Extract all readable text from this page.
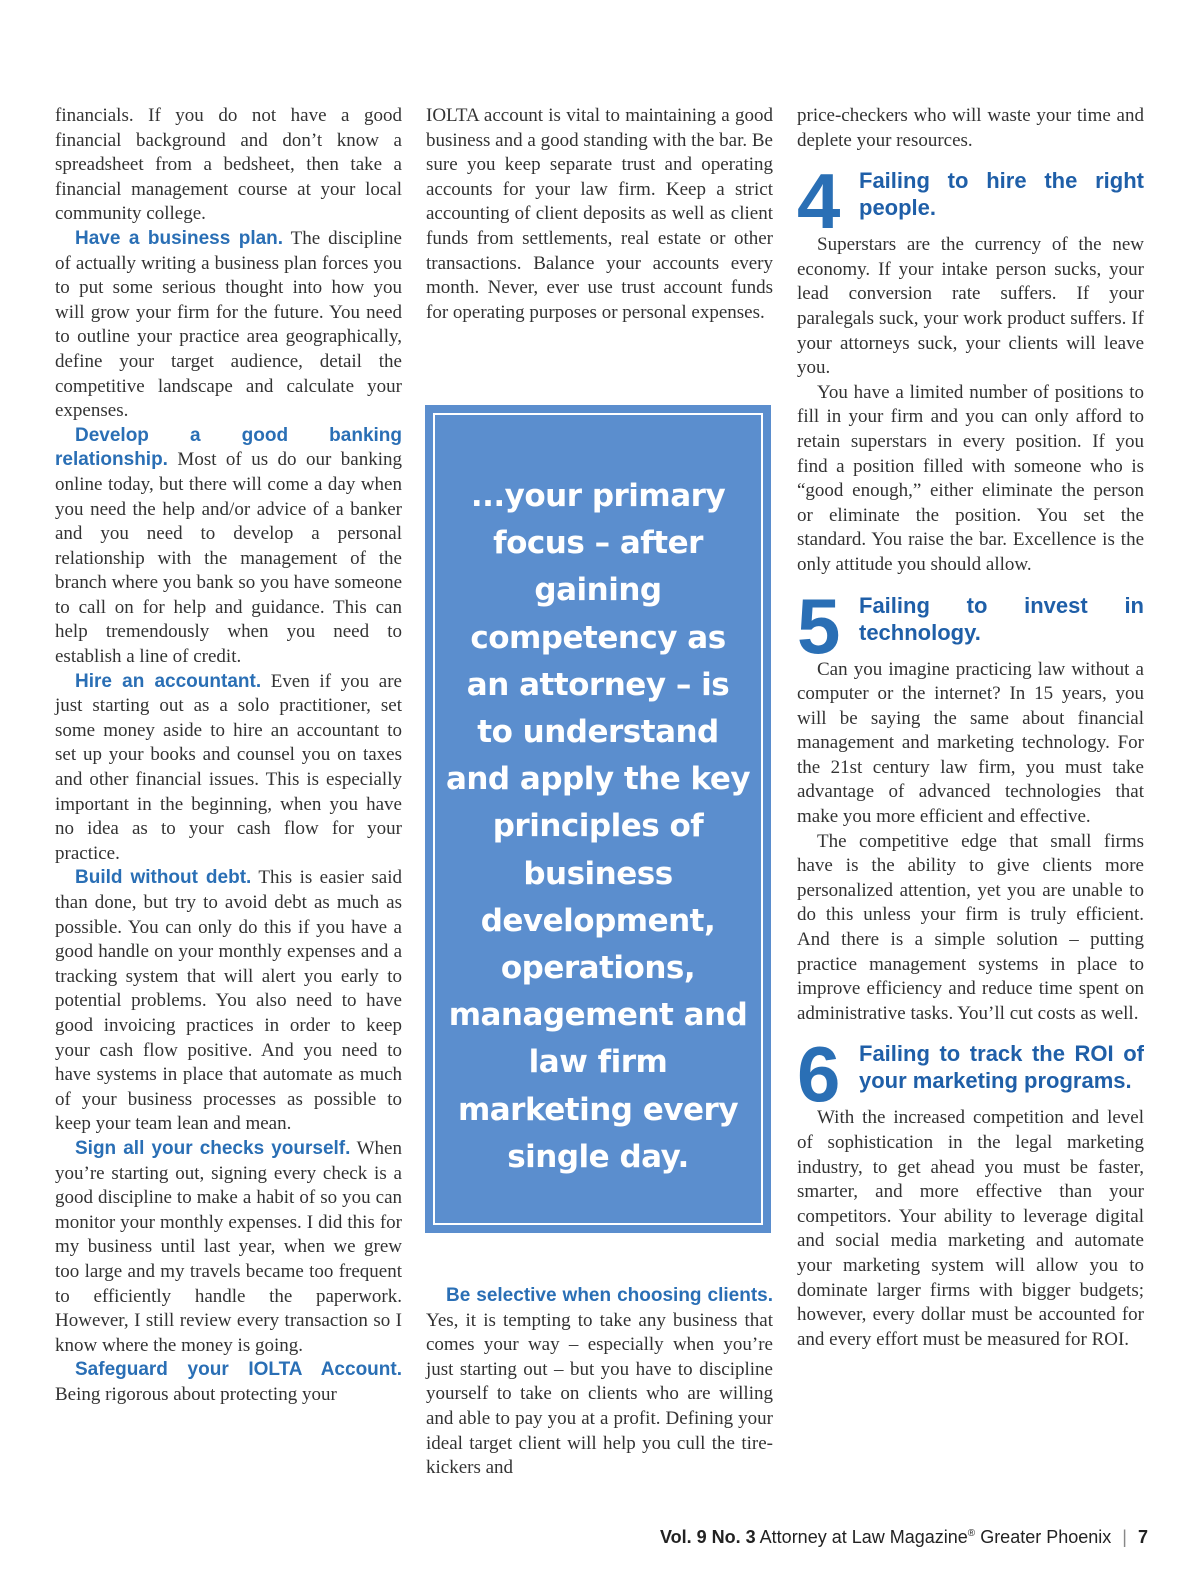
financials. If you do not have a good financial background and don’t know a spreadsheet from a bedsheet, then take a financial management course at your local community college.

Have a business plan. The discipline of actually writing a business plan forces you to put some serious thought into how you will grow your firm for the future. You need to outline your practice area geographically, define your target audience, detail the competitive landscape and calculate your expenses.

Develop a good banking relationship. Most of us do our banking online today, but there will come a day when you need the help and/or advice of a banker and you need to develop a personal relationship with the management of the branch where you bank so you have someone to call on for help and guidance. This can help tremendously when you need to establish a line of credit.

Hire an accountant. Even if you are just starting out as a solo practitioner, set some money aside to hire an accountant to set up your books and counsel you on taxes and other financial issues. This is especially important in the beginning, when you have no idea as to your cash flow for your practice.

Build without debt. This is easier said than done, but try to avoid debt as much as possible. You can only do this if you have a good handle on your monthly expenses and a tracking system that will alert you early to potential problems. You also need to have good invoicing practices in order to keep your cash flow positive. And you need to have systems in place that automate as much of your business processes as possible to keep your team lean and mean.

Sign all your checks yourself. When you’re starting out, signing every check is a good discipline to make a habit of so you can monitor your monthly expenses. I did this for my business until last year, when we grew too large and my travels became too frequent to efficiently handle the paperwork. However, I still review every transaction so I know where the money is going.

Safeguard your IOLTA Account. Being rigorous about protecting your

IOLTA account is vital to maintaining a good business and a good standing with the bar. Be sure you keep separate trust and operating accounts for your law firm. Keep a strict accounting of client deposits as well as client funds from settlements, real estate or other transactions. Balance your accounts every month. Never, ever use trust account funds for operating purposes or personal expenses.

...your primary focus – after gaining competency as an attorney – is to understand and apply the key principles of business development, operations, management and law firm marketing every single day.

Be selective when choosing clients. Yes, it is tempting to take any business that comes your way – especially when you’re just starting out – but you have to discipline yourself to take on clients who are willing and able to pay you at a profit. Defining your ideal target client will help you cull the tire-kickers and

price-checkers who will waste your time and deplete your resources.

4 Failing to hire the right people.

Superstars are the currency of the new economy. If your intake person sucks, your lead conversion rate suffers. If your paralegals suck, your work product suffers. If your attorneys suck, your clients will leave you.

You have a limited number of positions to fill in your firm and you can only afford to retain superstars in every position. If you find a position filled with someone who is “good enough,” either eliminate the person or eliminate the position. You set the standard. You raise the bar. Excellence is the only attitude you should allow.

5 Failing to invest in technology.

Can you imagine practicing law without a computer or the internet? In 15 years, you will be saying the same about financial management and marketing technology. For the 21st century law firm, you must take advantage of advanced technologies that make you more efficient and effective.

The competitive edge that small firms have is the ability to give clients more personalized attention, yet you are unable to do this unless your firm is truly efficient. And there is a simple solution – putting practice management systems in place to improve efficiency and reduce time spent on administrative tasks. You’ll cut costs as well.

6 Failing to track the ROI of your marketing programs.

With the increased competition and level of sophistication in the legal marketing industry, to get ahead you must be faster, smarter, and more effective than your competitors. Your ability to leverage digital and social media marketing and automate your marketing system will allow you to dominate larger firms with bigger budgets; however, every dollar must be accounted for and every effort must be measured for ROI.

Vol. 9 No. 3 Attorney at Law Magazine® Greater Phoenix | 7
